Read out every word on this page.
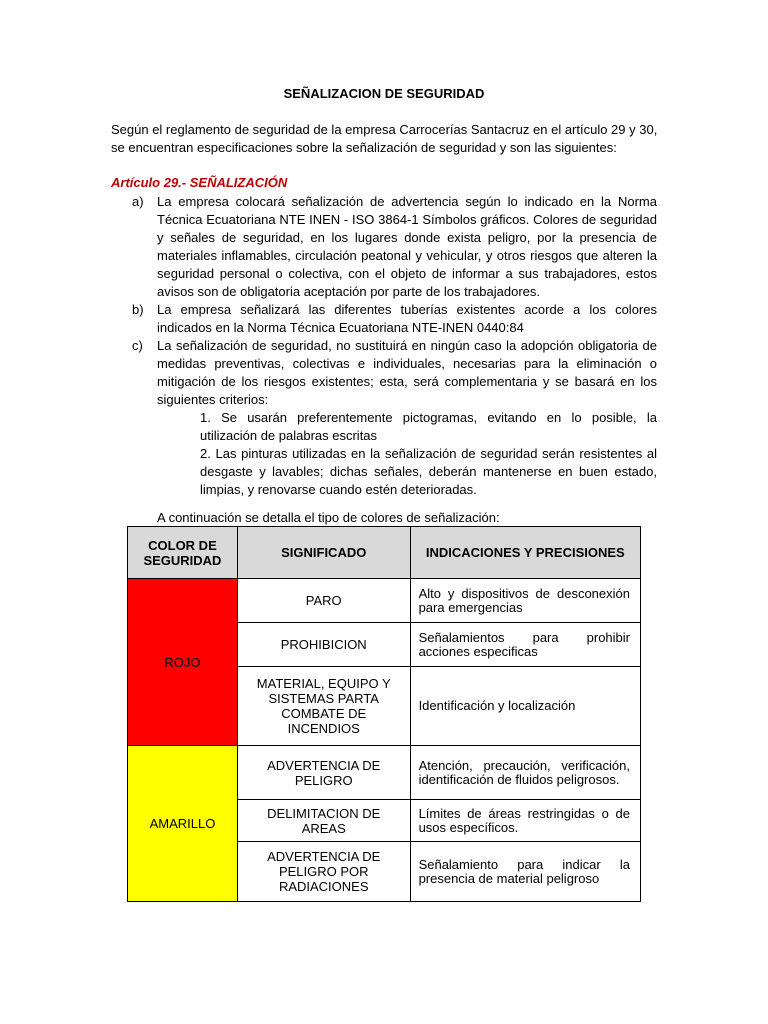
SEÑALIZACION DE SEGURIDAD
Según el reglamento de seguridad de la empresa Carrocerías Santacruz en el artículo 29 y 30, se encuentran especificaciones sobre la señalización de seguridad y son las siguientes:
Artículo 29.- SEÑALIZACIÓN
a)	La empresa colocará señalización de advertencia según lo indicado en la Norma Técnica Ecuatoriana NTE INEN - ISO 3864-1 Símbolos gráficos. Colores de seguridad y señales de seguridad, en los lugares donde exista peligro, por la presencia de materiales inflamables, circulación peatonal y vehicular, y otros riesgos que alteren la seguridad personal o colectiva, con el objeto de informar a sus trabajadores, estos avisos son de obligatoria aceptación por parte de los trabajadores.
b)	La empresa señalizará las diferentes tuberías existentes acorde a los colores indicados en la Norma Técnica Ecuatoriana NTE-INEN 0440:84
c)	La señalización de seguridad, no sustituirá en ningún caso la adopción obligatoria de medidas preventivas, colectivas e individuales, necesarias para la eliminación o mitigación de los riesgos existentes; esta, será complementaria y se basará en los siguientes criterios:
1. Se usarán preferentemente pictogramas, evitando en lo posible, la utilización de palabras escritas
2. Las pinturas utilizadas en la señalización de seguridad serán resistentes al desgaste y lavables; dichas señales, deberán mantenerse en buen estado, limpias, y renovarse cuando estén deterioradas.
A continuación se detalla el tipo de colores de señalización:
COLOR DE SEGURIDAD	SIGNIFICADO	INDICACIONES Y PRECISIONES
ROJO	PARO	Alto y dispositivos de desconexión para emergencias
	PROHIBICION	Señalamientos para prohibir acciones especificas
	MATERIAL, EQUIPO Y SISTEMAS PARTA COMBATE DE INCENDIOS	Identificación y localización
AMARILLO	ADVERTENCIA DE PELIGRO	Atención, precaución, verificación, identificación de fluidos peligrosos.
	DELIMITACION DE AREAS	Límites de áreas restringidas o de usos específicos.
	ADVERTENCIA DE PELIGRO POR RADIACIONES	Señalamiento para indicar la presencia de material peligroso
